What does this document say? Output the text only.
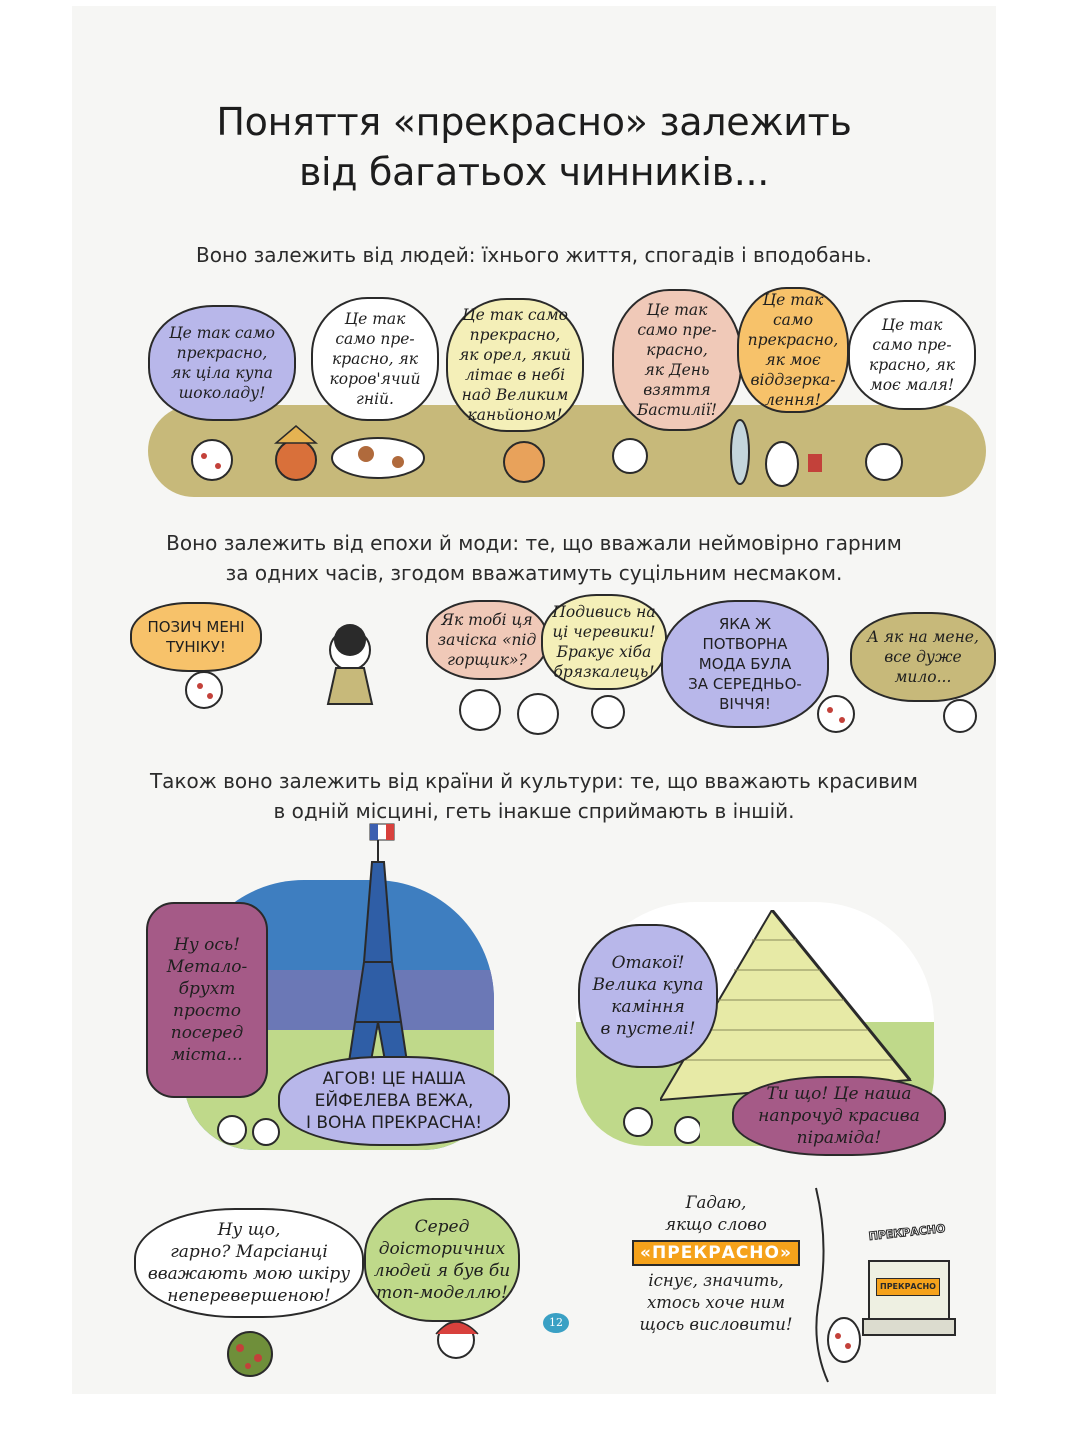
Поняття «прекрасно» залежить
від багатьох чинників...
Воно залежить від людей: їхнього життя, спогадів і вподобань.
Це так само
прекрасно,
як ціла купа
шоколаду!
Це так
само пре-
красно, як
коров'ячий
гній.
Це так само
прекрасно,
як орел, який
літає в небі
над Великим
каньйоном!
Це так
само пре-
красно,
як День
взяття
Бастилії!
Це так
само
прекрасно,
як моє
віддзерка-
лення!
Це так
само пре-
красно, як
моє маля!
Воно залежить від епохи й моди: те, що вважали неймовірно гарним
за одних часів, згодом вважатимуть суцільним несмаком.
ПОЗИЧ МЕНІ
ТУНІКУ!
Як тобі ця
зачіска «під
горщик»?
Подивись на
ці черевики!
Бракує хіба
брязкалець!
ЯКА Ж
ПОТВОРНА
МОДА БУЛА
ЗА СЕРЕДНЬО-
ВІЧЧЯ!
А як на мене,
все дуже
мило...
Також воно залежить від країни й культури: те, що вважають красивим
в одній місцині, геть інакше сприймають в іншій.
Ну ось!
Метало-
брухт
просто
посеред
міста...
АГОВ! ЦЕ НАША
ЕЙФЕЛЕВА ВЕЖА,
І ВОНА ПРЕКРАСНА!
Отакої!
Велика купа
каміння
в пустелі!
Ти що! Це наша
напрочуд красива
піраміда!
Ну що,
гарно? Марсіанці
вважають мою шкіру
неперевершеною!
Серед
доісторичних
людей я був би
топ-моделлю!
12
Гадаю,
якщо слово
«ПРЕКРАСНО»
існує, значить,
хтось хоче ним
щось висловити!
ПРЕКРАСНО
ПРЕКРАСНО
